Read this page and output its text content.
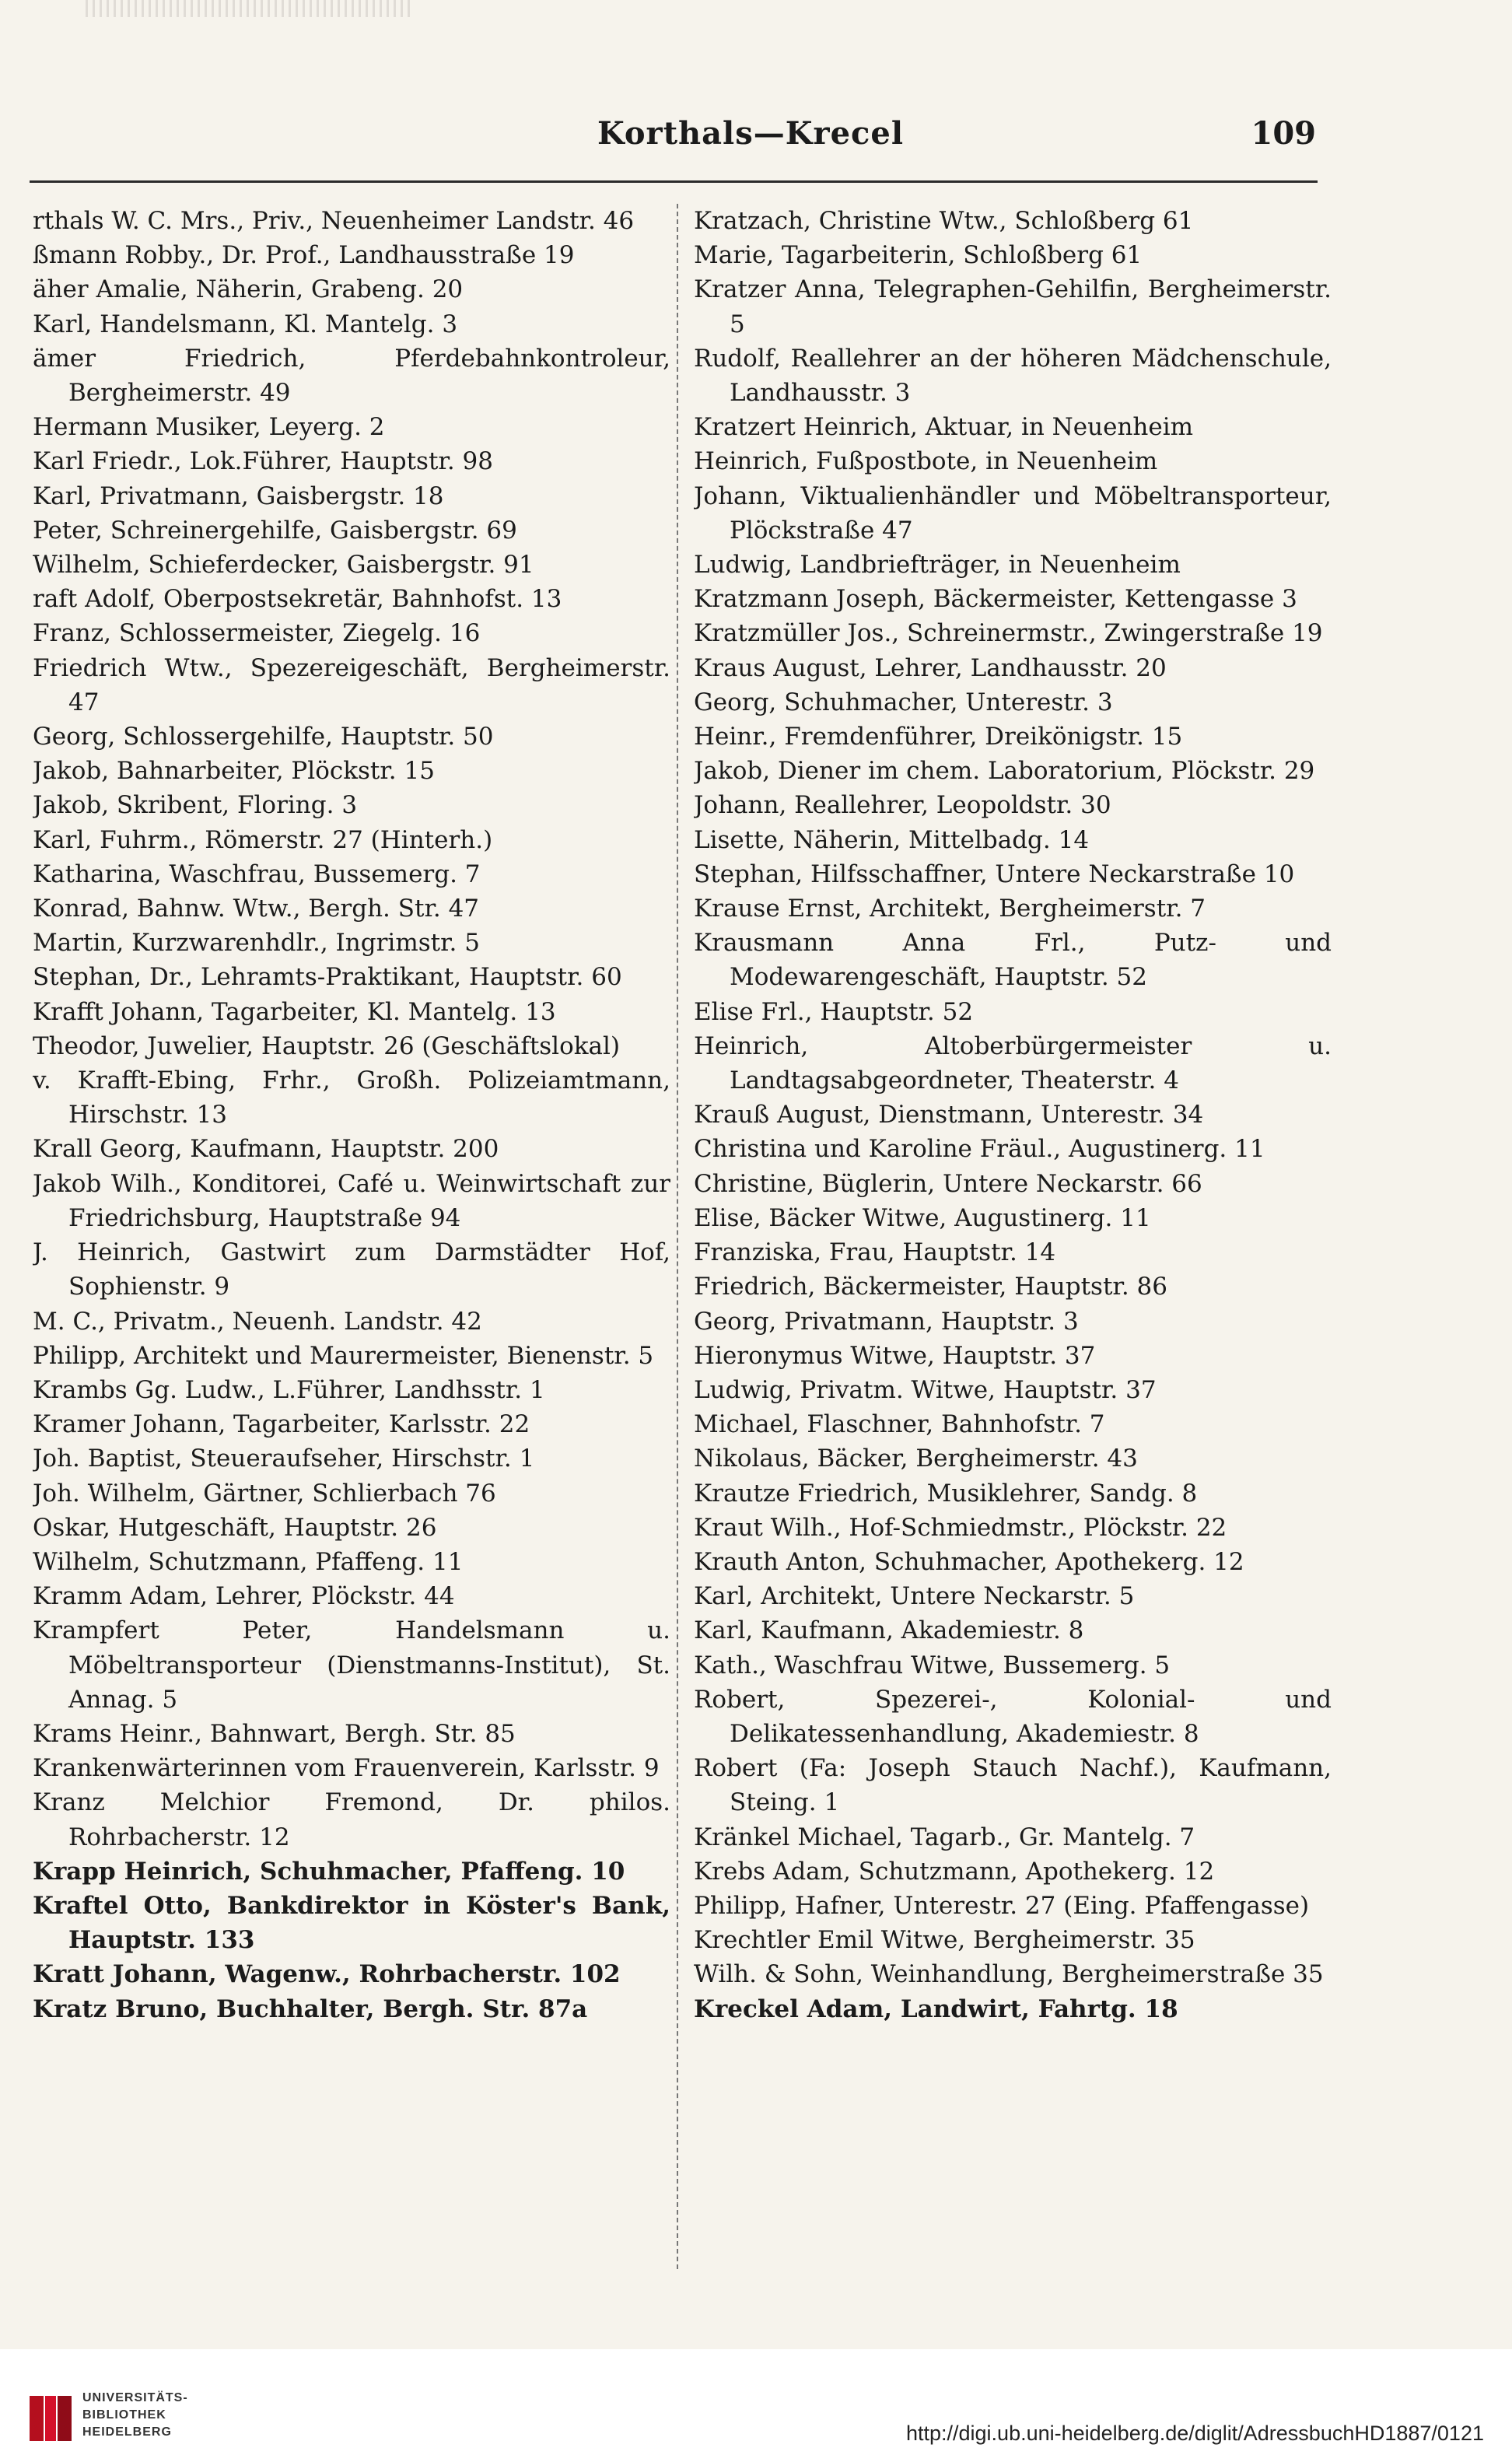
Korthals—Krecel	109
rthals W. C. Mrs., Priv., Neuenheimer Landstr. 46
ßmann Robby., Dr. Prof., Landhausstraße 19
äher Amalie, Näherin, Grabeng. 20
Karl, Handelsmann, Kl. Mantelg. 3
ämer Friedrich, Pferdebahnkontroleur, Bergheimerstr. 49
Hermann Musiker, Leyerg. 2
Karl Friedr., Lok.Führer, Hauptstr. 98
Karl, Privatmann, Gaisbergstr. 18
Peter, Schreinergehilfe, Gaisbergstr. 69
Wilhelm, Schieferdecker, Gaisbergstr. 91
raft Adolf, Oberpostsekretär, Bahnhofst. 13
Franz, Schlossermeister, Ziegelg. 16
Friedrich Wtw., Spezereigeschäft, Bergheimerstr. 47
Georg, Schlossergehilfe, Hauptstr. 50
Jakob, Bahnarbeiter, Plöckstr. 15
Jakob, Skribent, Floring. 3
Karl, Fuhrm., Römerstr. 27 (Hinterh.)
Katharina, Waschfrau, Bussemerg. 7
Konrad, Bahnw. Wtw., Bergh. Str. 47
Martin, Kurzwarenhdlr., Ingrimstr. 5
Stephan, Dr., Lehramts-Praktikant, Hauptstr. 60
Krafft Johann, Tagarbeiter, Kl. Mantelg. 13
Theodor, Juwelier, Hauptstr. 26 (Geschäftslokal)
v. Krafft-Ebing, Frhr., Großh. Polizeiamtmann, Hirschstr. 13
Krall Georg, Kaufmann, Hauptstr. 200
Jakob Wilh., Konditorei, Café u. Weinwirtschaft zur Friedrichsburg, Hauptstraße 94
J. Heinrich, Gastwirt zum Darmstädter Hof, Sophienstr. 9
M. C., Privatm., Neuenh. Landstr. 42
Philipp, Architekt und Maurermeister, Bienenstr. 5
Krambs Gg. Ludw., L.Führer, Landhsstr. 1
Kramer Johann, Tagarbeiter, Karlsstr. 22
Joh. Baptist, Steueraufseher, Hirschstr. 1
Joh. Wilhelm, Gärtner, Schlierbach 76
Oskar, Hutgeschäft, Hauptstr. 26
Wilhelm, Schutzmann, Pfaffeng. 11
Kramm Adam, Lehrer, Plöckstr. 44
Krampfert Peter, Handelsmann u. Möbeltransporteur (Dienstmanns-Institut), St. Annag. 5
Krams Heinr., Bahnwart, Bergh. Str. 85
Krankenwärterinnen vom Frauenverein, Karlsstr. 9
Kranz Melchior Fremond, Dr. philos. Rohrbacherstr. 12
Krapp Heinrich, Schuhmacher, Pfaffeng. 10
Kraftel Otto, Bankdirektor in Köster's Bank, Hauptstr. 133
Kratt Johann, Wagenw., Rohrbacherstr. 102
Kratz Bruno, Buchhalter, Bergh. Str. 87a
Kratzach, Christine Wtw., Schloßberg 61
Marie, Tagarbeiterin, Schloßberg 61
Kratzer Anna, Telegraphen-Gehilfin, Bergheimerstr. 5
Rudolf, Reallehrer an der höheren Mädchenschule, Landhausstr. 3
Kratzert Heinrich, Aktuar, in Neuenheim
Heinrich, Fußpostbote, in Neuenheim
Johann, Viktualienhändler und Möbeltransporteur, Plöckstraße 47
Ludwig, Landbriefträger, in Neuenheim
Kratzmann Joseph, Bäckermeister, Kettengasse 3
Kratzmüller Jos., Schreinermstr., Zwingerstraße 19
Kraus August, Lehrer, Landhausstr. 20
Georg, Schuhmacher, Unterestr. 3
Heinr., Fremdenführer, Dreikönigstr. 15
Jakob, Diener im chem. Laboratorium, Plöckstr. 29
Johann, Reallehrer, Leopoldstr. 30
Lisette, Näherin, Mittelbadg. 14
Stephan, Hilfsschaffner, Untere Neckarstraße 10
Krause Ernst, Architekt, Bergheimerstr. 7
Krausmann Anna Frl., Putz- und Modewarengeschäft, Hauptstr. 52
Elise Frl., Hauptstr. 52
Heinrich, Altoberbürgermeister u. Landtagsabgeordneter, Theaterstr. 4
Krauß August, Dienstmann, Unterestr. 34
Christina und Karoline Fräul., Augustinerg. 11
Christine, Büglerin, Untere Neckarstr. 66
Elise, Bäcker Witwe, Augustinerg. 11
Franziska, Frau, Hauptstr. 14
Friedrich, Bäckermeister, Hauptstr. 86
Georg, Privatmann, Hauptstr. 3
Hieronymus Witwe, Hauptstr. 37
Ludwig, Privatm. Witwe, Hauptstr. 37
Michael, Flaschner, Bahnhofstr. 7
Nikolaus, Bäcker, Bergheimerstr. 43
Krautze Friedrich, Musiklehrer, Sandg. 8
Kraut Wilh., Hof-Schmiedmstr., Plöckstr. 22
Krauth Anton, Schuhmacher, Apothekerg. 12
Karl, Architekt, Untere Neckarstr. 5
Karl, Kaufmann, Akademiestr. 8
Kath., Waschfrau Witwe, Bussemerg. 5
Robert, Spezerei-, Kolonial- und Delikatessenhandlung, Akademiestr. 8
Robert (Fa: Joseph Stauch Nachf.), Kaufmann, Steing. 1
Kränkel Michael, Tagarb., Gr. Mantelg. 7
Krebs Adam, Schutzmann, Apothekerg. 12
Philipp, Hafner, Unterestr. 27 (Eing. Pfaffengasse)
Krechtler Emil Witwe, Bergheimerstr. 35
Wilh. & Sohn, Weinhandlung, Bergheimerstraße 35
Kreckel Adam, Landwirt, Fahrtg. 18
UNIVERSITÄTS-
BIBLIOTHEK
HEIDELBERG	http://digi.ub.uni-heidelberg.de/diglit/AdressbuchHD1887/0121
